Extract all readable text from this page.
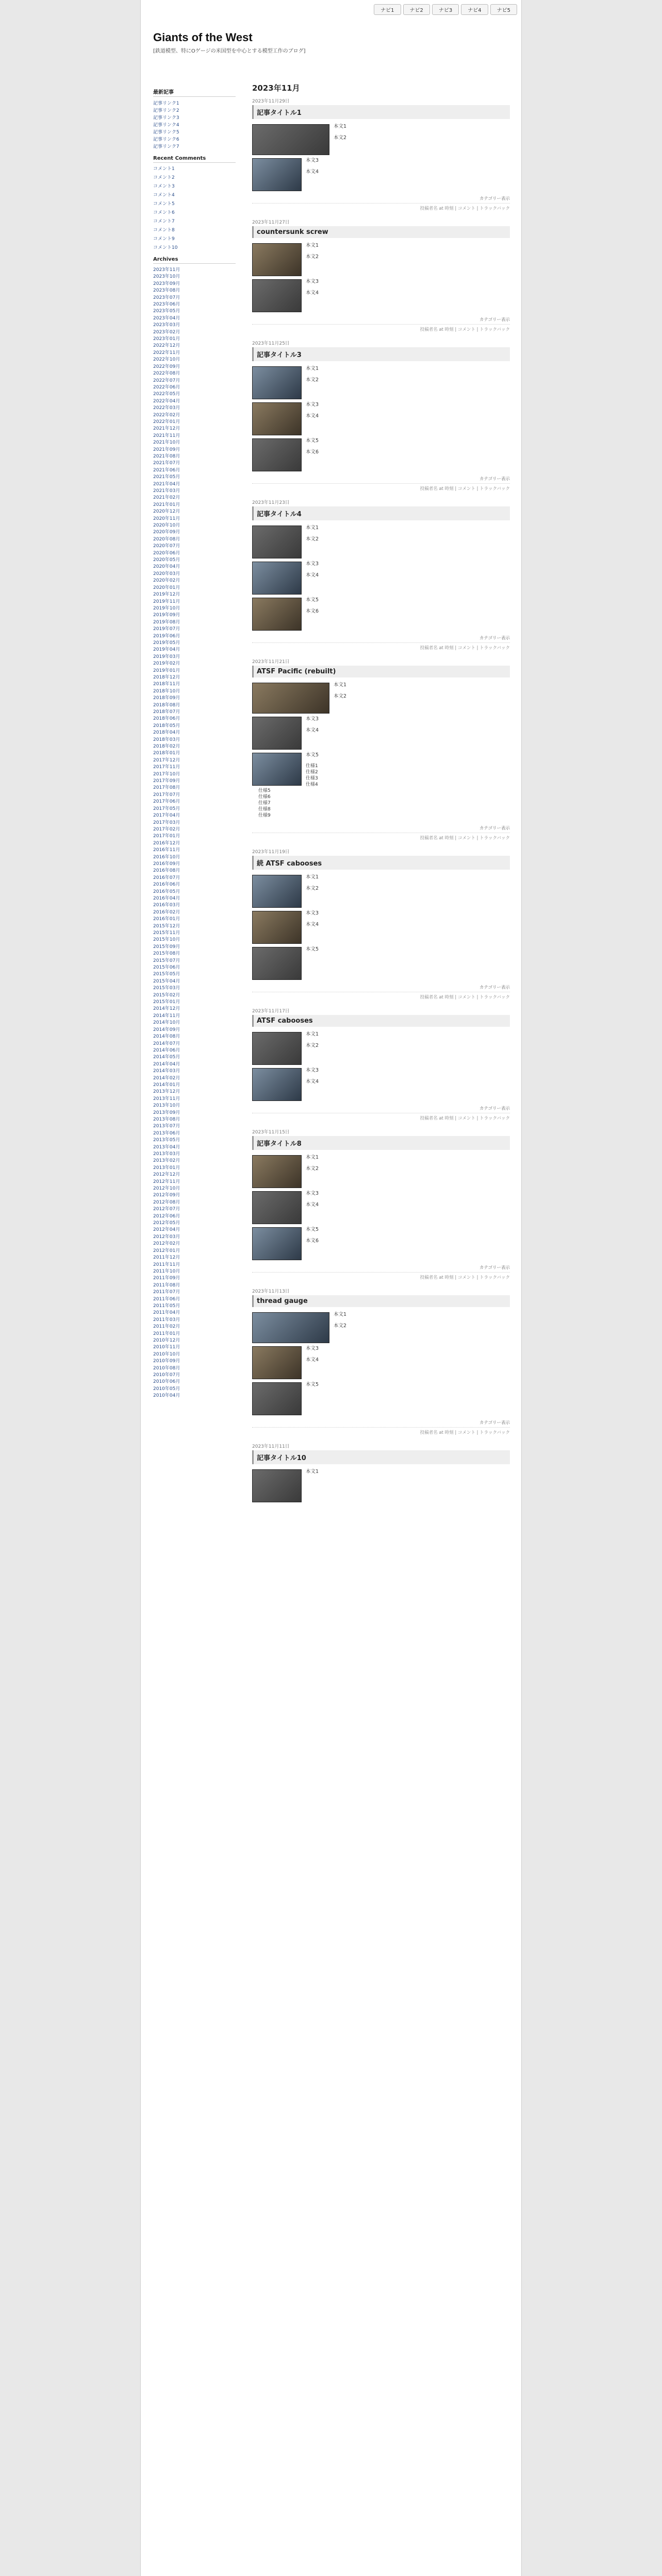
ナビ1	ナビ2	ナビ3	ナビ4	ナビ5
Giants of the West
[鉄道模型、特にOゲージの米国型を中心とする模型工作のブログ]
最新記事
記事リンク1
記事リンク2
記事リンク3
記事リンク4
記事リンク5
記事リンク6
記事リンク7
Recent Comments
コメント1
コメント2
コメント3
コメント4
コメント5
コメント6
コメント7
コメント8
コメント9
コメント10
Archives
2023年11月
2023年10月
2023年09月
2023年08月
2023年07月
2023年06月
2023年05月
2023年04月
2023年03月
2023年02月
2023年01月
2022年12月
2022年11月
2022年10月
2022年09月
2022年08月
2022年07月
2022年06月
2022年05月
2022年04月
2022年03月
2022年02月
2022年01月
2021年12月
2021年11月
2021年10月
2021年09月
2021年08月
2021年07月
2021年06月
2021年05月
2021年04月
2021年03月
2021年02月
2021年01月
2020年12月
2020年11月
2020年10月
2020年09月
2020年08月
2020年07月
2020年06月
2020年05月
2020年04月
2020年03月
2020年02月
2020年01月
2019年12月
2019年11月
2019年10月
2019年09月
2019年08月
2019年07月
2019年06月
2019年05月
2019年04月
2019年03月
2019年02月
2019年01月
2018年12月
2018年11月
2018年10月
2018年09月
2018年08月
2018年07月
2018年06月
2018年05月
2018年04月
2018年03月
2018年02月
2018年01月
2017年12月
2017年11月
2017年10月
2017年09月
2017年08月
2017年07月
2017年06月
2017年05月
2017年04月
2017年03月
2017年02月
2017年01月
2016年12月
2016年11月
2016年10月
2016年09月
2016年08月
2016年07月
2016年06月
2016年05月
2016年04月
2016年03月
2016年02月
2016年01月
2015年12月
2015年11月
2015年10月
2015年09月
2015年08月
2015年07月
2015年06月
2015年05月
2015年04月
2015年03月
2015年02月
2015年01月
2014年12月
2014年11月
2014年10月
2014年09月
2014年08月
2014年07月
2014年06月
2014年05月
2014年04月
2014年03月
2014年02月
2014年01月
2013年12月
2013年11月
2013年10月
2013年09月
2013年08月
2013年07月
2013年06月
2013年05月
2013年04月
2013年03月
2013年02月
2013年01月
2012年12月
2012年11月
2012年10月
2012年09月
2012年08月
2012年07月
2012年06月
2012年05月
2012年04月
2012年03月
2012年02月
2012年01月
2011年12月
2011年11月
2011年10月
2011年09月
2011年08月
2011年07月
2011年06月
2011年05月
2011年04月
2011年03月
2011年02月
2011年01月
2010年12月
2010年11月
2010年10月
2010年09月
2010年08月
2010年07月
2010年06月
2010年05月
2010年04月
2023年11月
2023年11月29日
記事タイトル1

本文1

本文2

本文3

本文4

カテゴリー表示
投稿者名 at 時刻 | コメント | トラックバック
2023年11月27日
countersunk screw

本文1

本文2

本文3

本文4

カテゴリー表示
投稿者名 at 時刻 | コメント | トラックバック
2023年11月25日
記事タイトル3

本文1

本文2

本文3

本文4

本文5

本文6

カテゴリー表示
投稿者名 at 時刻 | コメント | トラックバック
2023年11月23日
記事タイトル4

本文1

本文2

本文3

本文4

本文5

本文6

カテゴリー表示
投稿者名 at 時刻 | コメント | トラックバック
2023年11月21日
ATSF Pacific (rebuilt)

本文1

本文2

本文3

本文4

本文5

仕様1
仕様2
仕様3
仕様4
仕様5
仕様6
仕様7
仕様8
仕様9
カテゴリー表示
投稿者名 at 時刻 | コメント | トラックバック
2023年11月19日
続 ATSF cabooses

本文1

本文2

本文3

本文4

本文5

カテゴリー表示
投稿者名 at 時刻 | コメント | トラックバック
2023年11月17日
ATSF cabooses

本文1

本文2

本文3

本文4

カテゴリー表示
投稿者名 at 時刻 | コメント | トラックバック
2023年11月15日
記事タイトル8

本文1

本文2

本文3

本文4

本文5

本文6

カテゴリー表示
投稿者名 at 時刻 | コメント | トラックバック
2023年11月13日
thread gauge

本文1

本文2

本文3

本文4

本文5

カテゴリー表示
投稿者名 at 時刻 | コメント | トラックバック
2023年11月11日
記事タイトル10

本文1
